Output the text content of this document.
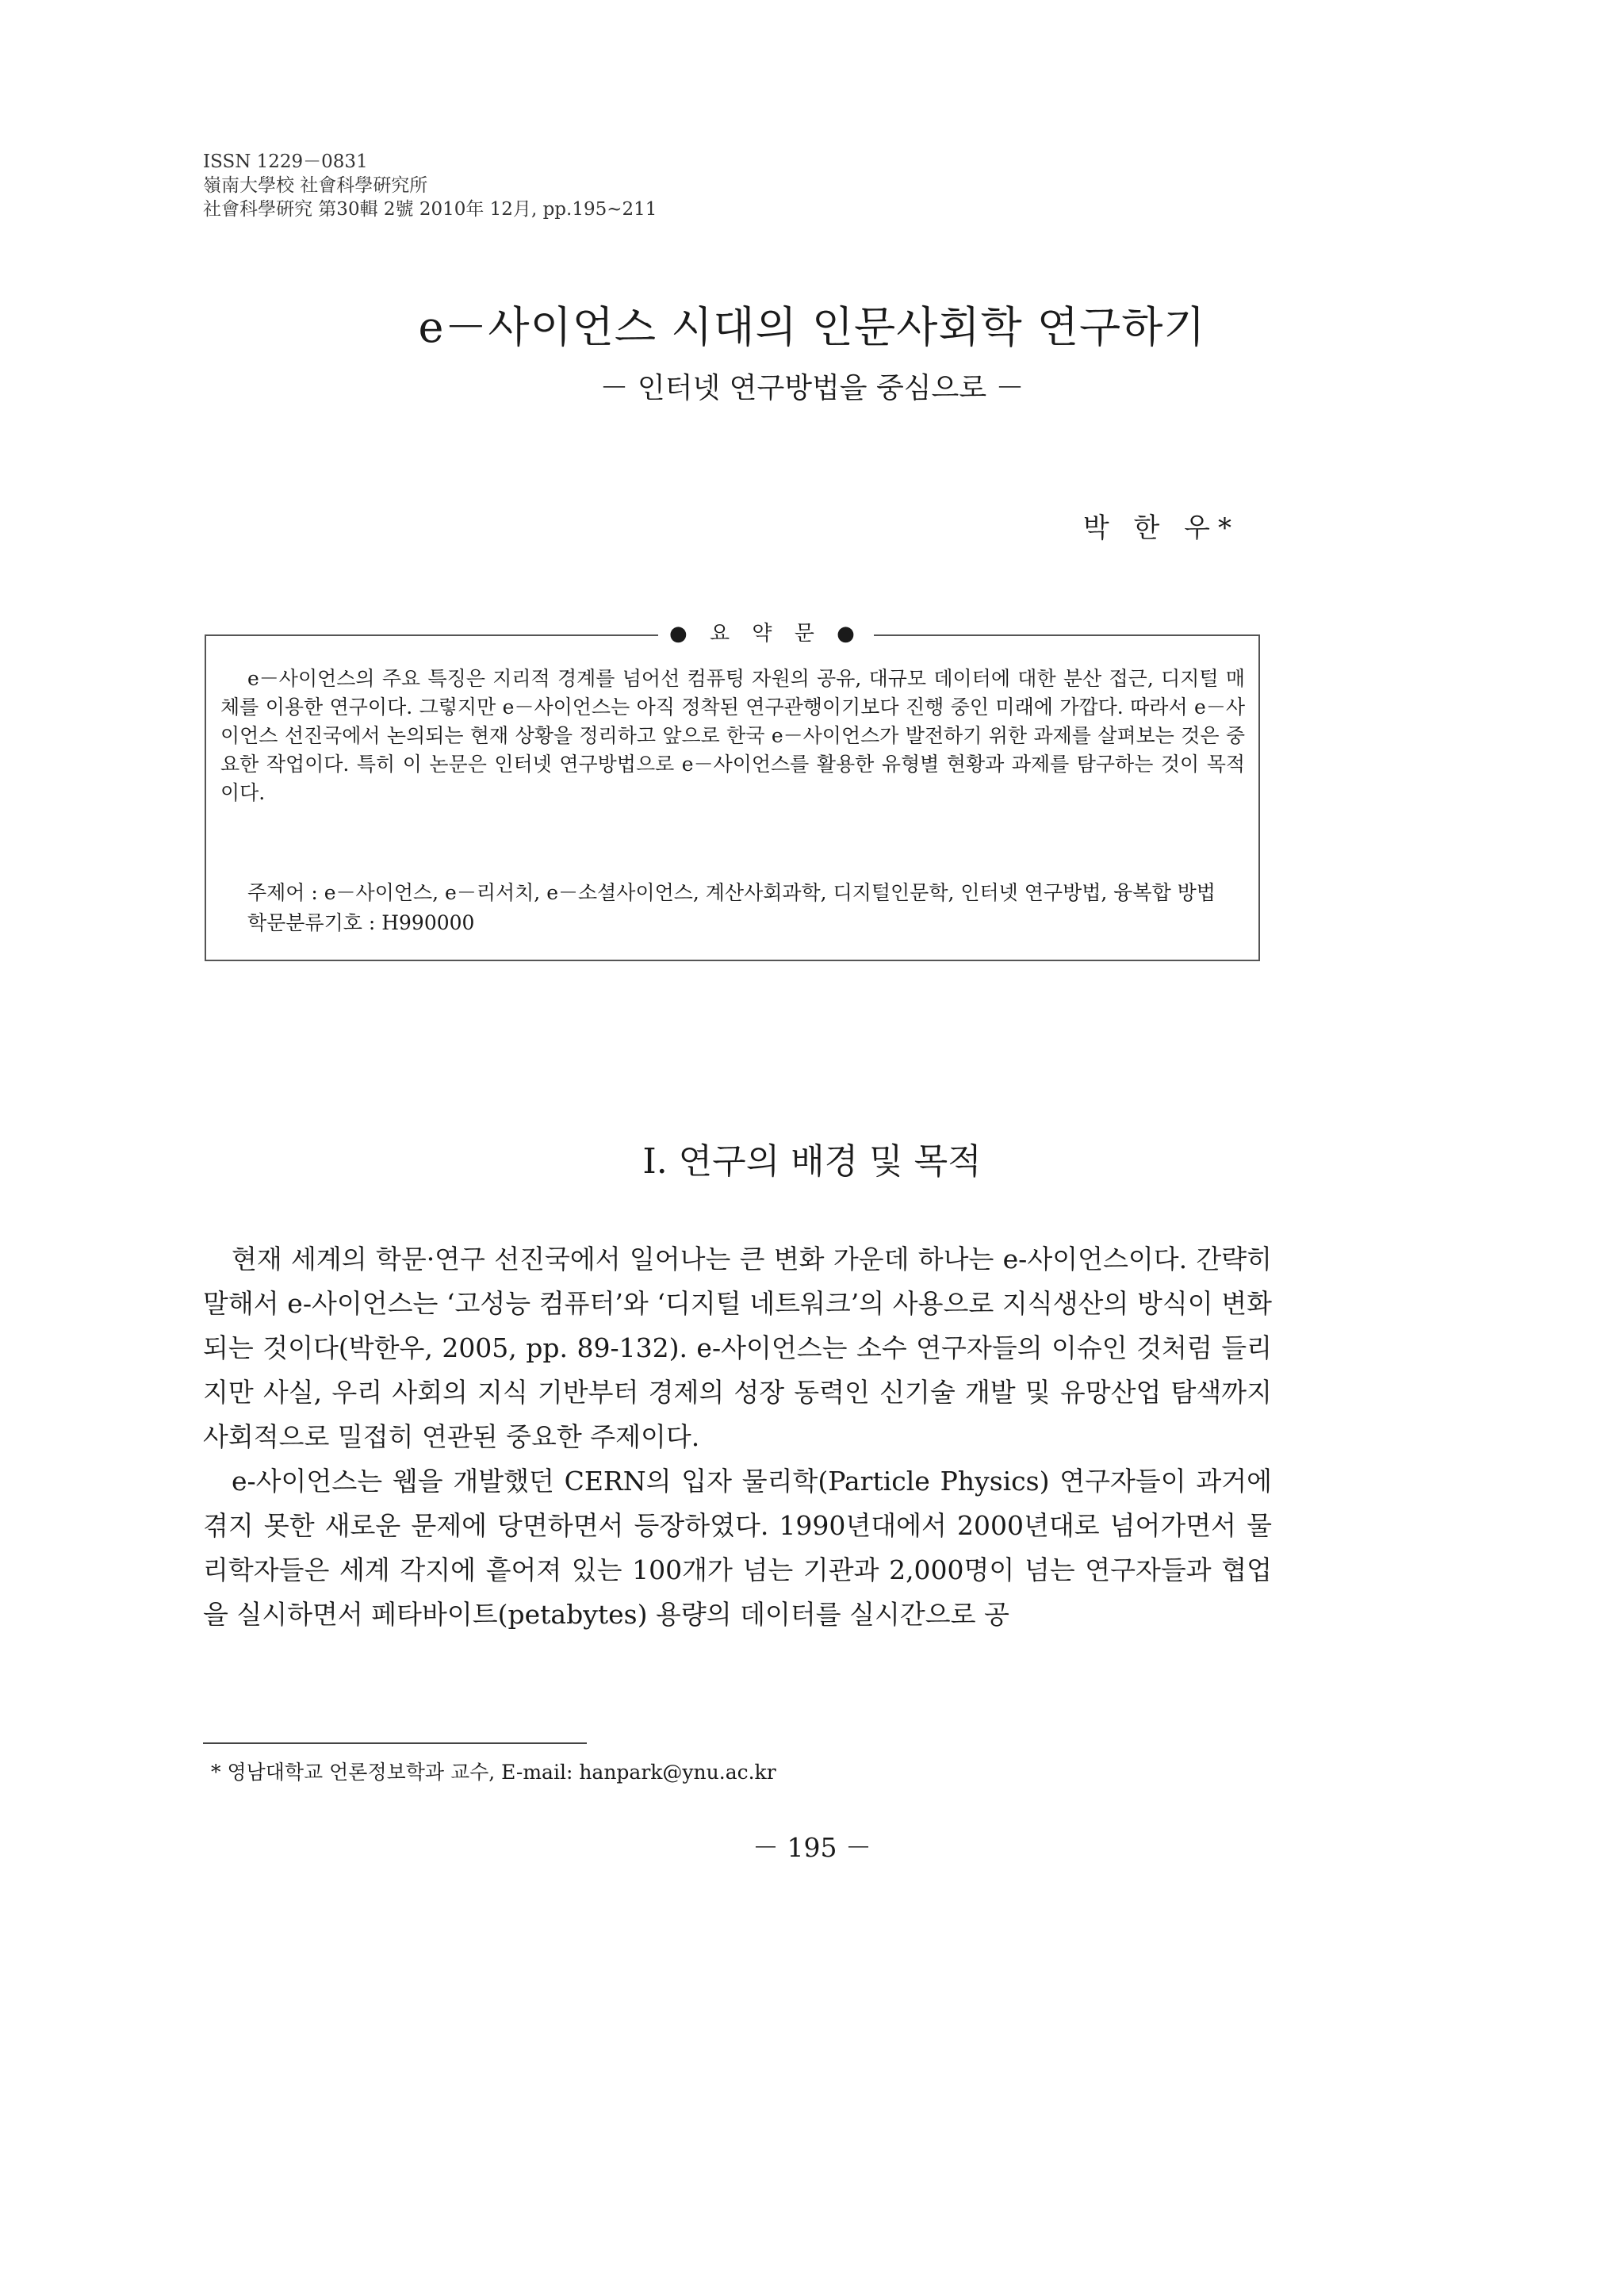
ISSN 1229－0831
嶺南大學校 社會科學硏究所
社會科學硏究 第30輯 2號 2010年 12月, pp.195~211
e－사이언스 시대의 인문사회학 연구하기
－ 인터넷 연구방법을 중심으로 －
박 한 우*
● 요 약 문 ●
e－사이언스의 주요 특징은 지리적 경계를 넘어선 컴퓨팅 자원의 공유, 대규모 데이터에 대한 분산 접근, 디지털 매체를 이용한 연구이다. 그렇지만 e－사이언스는 아직 정착된 연구관행이기보다 진행 중인 미래에 가깝다. 따라서 e－사이언스 선진국에서 논의되는 현재 상황을 정리하고 앞으로 한국 e－사이언스가 발전하기 위한 과제를 살펴보는 것은 중요한 작업이다. 특히 이 논문은 인터넷 연구방법으로 e－사이언스를 활용한 유형별 현황과 과제를 탐구하는 것이 목적이다.
주제어 : e－사이언스, e－리서치, e－소셜사이언스, 계산사회과학, 디지털인문학, 인터넷 연구방법, 융복합 방법
학문분류기호 : H990000
Ⅰ. 연구의 배경 및 목적

현재 세계의 학문·연구 선진국에서 일어나는 큰 변화 가운데 하나는 e-사이언스이다. 간략히 말해서 e-사이언스는 ‘고성능 컴퓨터’와 ‘디지털 네트워크’의 사용으로 지식생산의 방식이 변화되는 것이다(박한우, 2005, pp. 89-132). e-사이언스는 소수 연구자들의 이슈인 것처럼 들리지만 사실, 우리 사회의 지식 기반부터 경제의 성장 동력인 신기술 개발 및 유망산업 탐색까지 사회적으로 밀접히 연관된 중요한 주제이다.

e-사이언스는 웹을 개발했던 CERN의 입자 물리학(Particle Physics) 연구자들이 과거에 겪지 못한 새로운 문제에 당면하면서 등장하였다. 1990년대에서 2000년대로 넘어가면서 물리학자들은 세계 각지에 흩어져 있는 100개가 넘는 기관과 2,000명이 넘는 연구자들과 협업을 실시하면서 페타바이트(petabytes) 용량의 데이터를 실시간으로 공

* 영남대학교 언론정보학과 교수, E-mail: hanpark@ynu.ac.kr
－ 195 －
